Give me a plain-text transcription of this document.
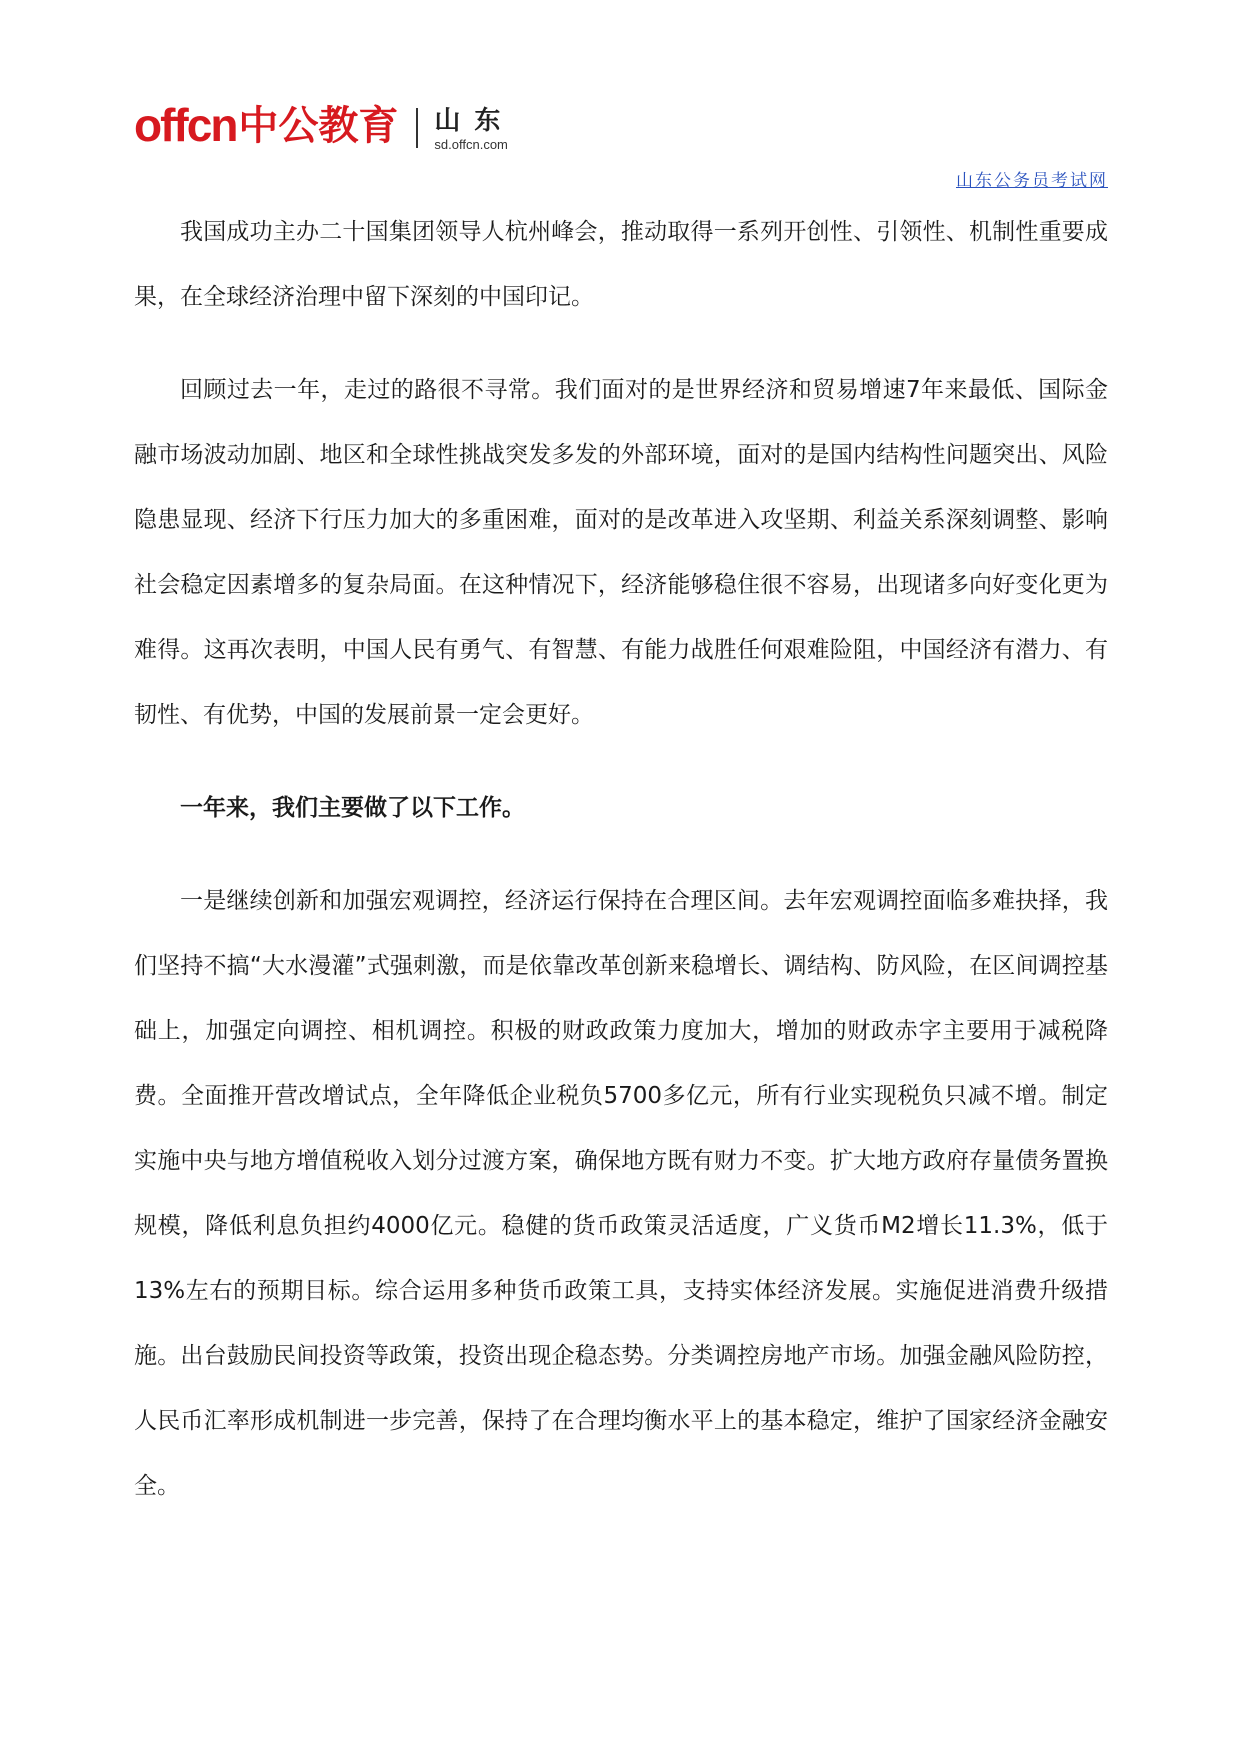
offcn 中公教育 山东
sd.offcn.com
山东公务员考试网

我国成功主办二十国集团领导人杭州峰会，推动取得一系列开创性、引领性、机制性重要成果，在全球经济治理中留下深刻的中国印记。

回顾过去一年，走过的路很不寻常。我们面对的是世界经济和贸易增速7年来最低、国际金融市场波动加剧、地区和全球性挑战突发多发的外部环境，面对的是国内结构性问题突出、风险隐患显现、经济下行压力加大的多重困难，面对的是改革进入攻坚期、利益关系深刻调整、影响社会稳定因素增多的复杂局面。在这种情况下，经济能够稳住很不容易，出现诸多向好变化更为难得。这再次表明，中国人民有勇气、有智慧、有能力战胜任何艰难险阻，中国经济有潜力、有韧性、有优势，中国的发展前景一定会更好。

一年来，我们主要做了以下工作。

一是继续创新和加强宏观调控，经济运行保持在合理区间。去年宏观调控面临多难抉择，我们坚持不搞“大水漫灌”式强刺激，而是依靠改革创新来稳增长、调结构、防风险，在区间调控基础上，加强定向调控、相机调控。积极的财政政策力度加大，增加的财政赤字主要用于减税降费。全面推开营改增试点，全年降低企业税负5700多亿元，所有行业实现税负只减不增。制定实施中央与地方增值税收入划分过渡方案，确保地方既有财力不变。扩大地方政府存量债务置换规模，降低利息负担约4000亿元。稳健的货币政策灵活适度，广义货币M2增长11.3%，低于13%左右的预期目标。综合运用多种货币政策工具，支持实体经济发展。实施促进消费升级措施。出台鼓励民间投资等政策，投资出现企稳态势。分类调控房地产市场。加强金融风险防控，人民币汇率形成机制进一步完善，保持了在合理均衡水平上的基本稳定，维护了国家经济金融安全。
